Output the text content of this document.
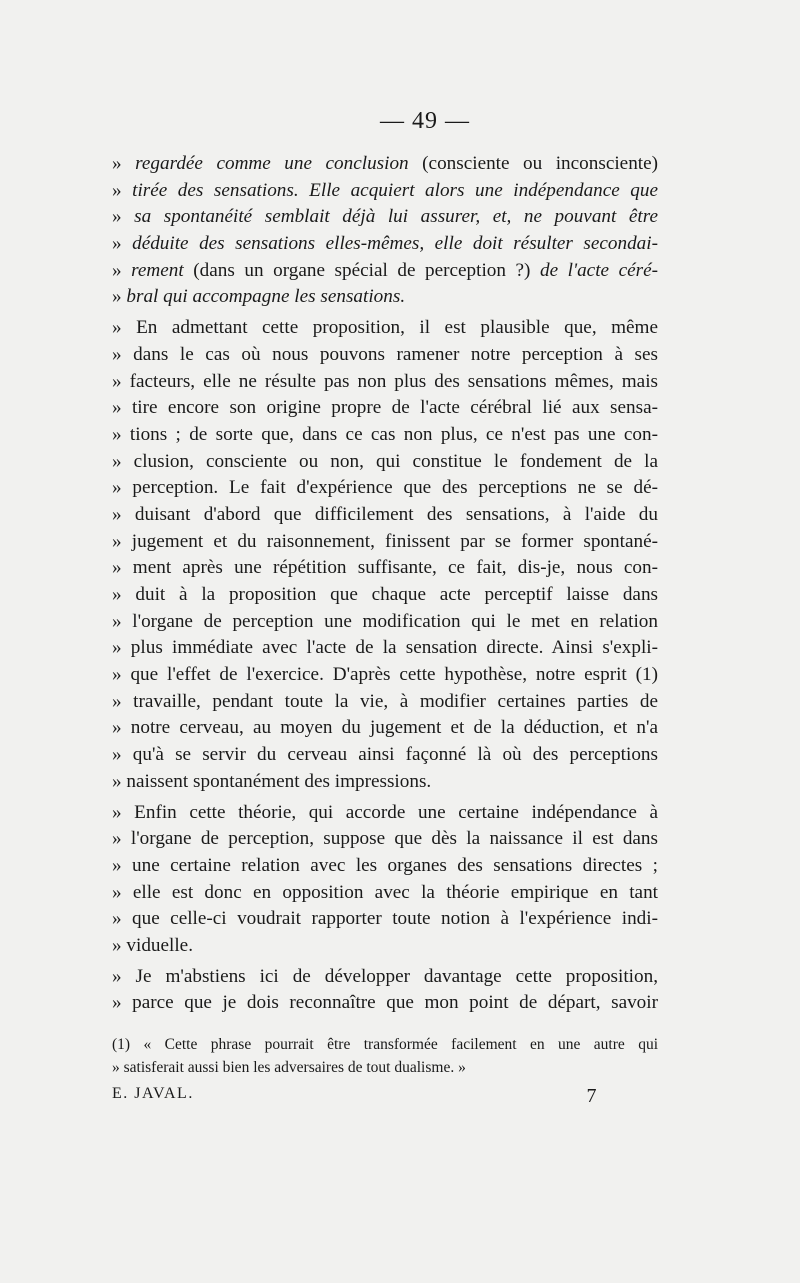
— 49 —
» regardée comme une conclusion (consciente ou inconsciente)
» tirée des sensations. Elle acquiert alors une indépendance que
» sa spontanéité semblait déjà lui assurer, et, ne pouvant être
» déduite des sensations elles-mêmes, elle doit résulter secondai-
» rement (dans un organe spécial de perception ?) de l'acte céré-
» bral qui accompagne les sensations.
» En admettant cette proposition, il est plausible que, même
» dans le cas où nous pouvons ramener notre perception à ses
» facteurs, elle ne résulte pas non plus des sensations mêmes, mais
» tire encore son origine propre de l'acte cérébral lié aux sensa-
» tions ; de sorte que, dans ce cas non plus, ce n'est pas une con-
» clusion, consciente ou non, qui constitue le fondement de la
» perception. Le fait d'expérience que des perceptions ne se dé-
» duisant d'abord que difficilement des sensations, à l'aide du
» jugement et du raisonnement, finissent par se former spontané-
» ment après une répétition suffisante, ce fait, dis-je, nous con-
» duit à la proposition que chaque acte perceptif laisse dans
» l'organe de perception une modification qui le met en relation
» plus immédiate avec l'acte de la sensation directe. Ainsi s'expli-
» que l'effet de l'exercice. D'après cette hypothèse, notre esprit (1)
» travaille, pendant toute la vie, à modifier certaines parties de
» notre cerveau, au moyen du jugement et de la déduction, et n'a
» qu'à se servir du cerveau ainsi façonné là où des perceptions
» naissent spontanément des impressions.
» Enfin cette théorie, qui accorde une certaine indépendance à
» l'organe de perception, suppose que dès la naissance il est dans
» une certaine relation avec les organes des sensations directes ;
» elle est donc en opposition avec la théorie empirique en tant
» que celle-ci voudrait rapporter toute notion à l'expérience indi-
» viduelle.
» Je m'abstiens ici de développer davantage cette proposition,
» parce que je dois reconnaître que mon point de départ, savoir
(1) « Cette phrase pourrait être transformée facilement en une autre qui
» satisferait aussi bien les adversaires de tout dualisme. »
E. JAVAL.	7
